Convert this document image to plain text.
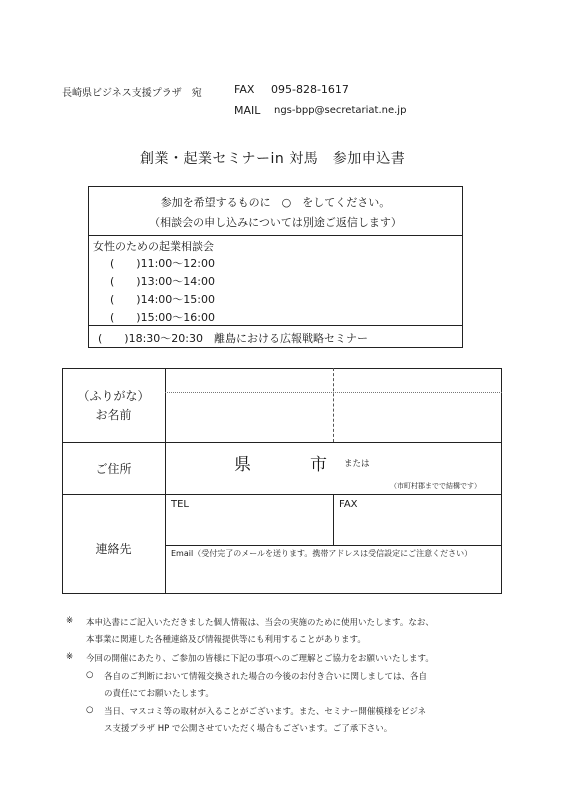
長崎県ビジネス支援プラザ　宛	FAX 095-828-1617
MAIL ngs-bpp@secretariat.ne.jp
創業・起業セミナーin 対馬　参加申込書
参加を希望するものに　○　をしてください。
（相談会の申し込みについては別途ご返信します）
女性のための起業相談会
(　　)11:00～12:00
(　　)13:00～14:00
(　　)14:00～15:00
(　　)15:00～16:00
(　　)18:30～20:30　離島における広報戦略セミナー
（ふりがな）
お名前
ご住所	県	市 または
（市町村郡までで結構です）
連絡先
TEL	FAX
Email（受付完了のメールを送ります。携帯アドレスは受信設定にご注意ください）
※ 本申込書にご記入いただきました個人情報は、当会の実施のために使用いたします。なお、
本事業に関連した各種連絡及び情報提供等にも利用することがあります。
※ 今回の開催にあたり、ご参加の皆様に下記の事項へのご理解とご協力をお願いいたします。
○ 各自のご判断において情報交換された場合の今後のお付き合いに関しましては、各自
の責任にてお願いたします。
○ 当日、マスコミ等の取材が入ることがございます。また、セミナー開催模様をビジネ
ス支援プラザ HP で公開させていただく場合もございます。ご了承下さい。
